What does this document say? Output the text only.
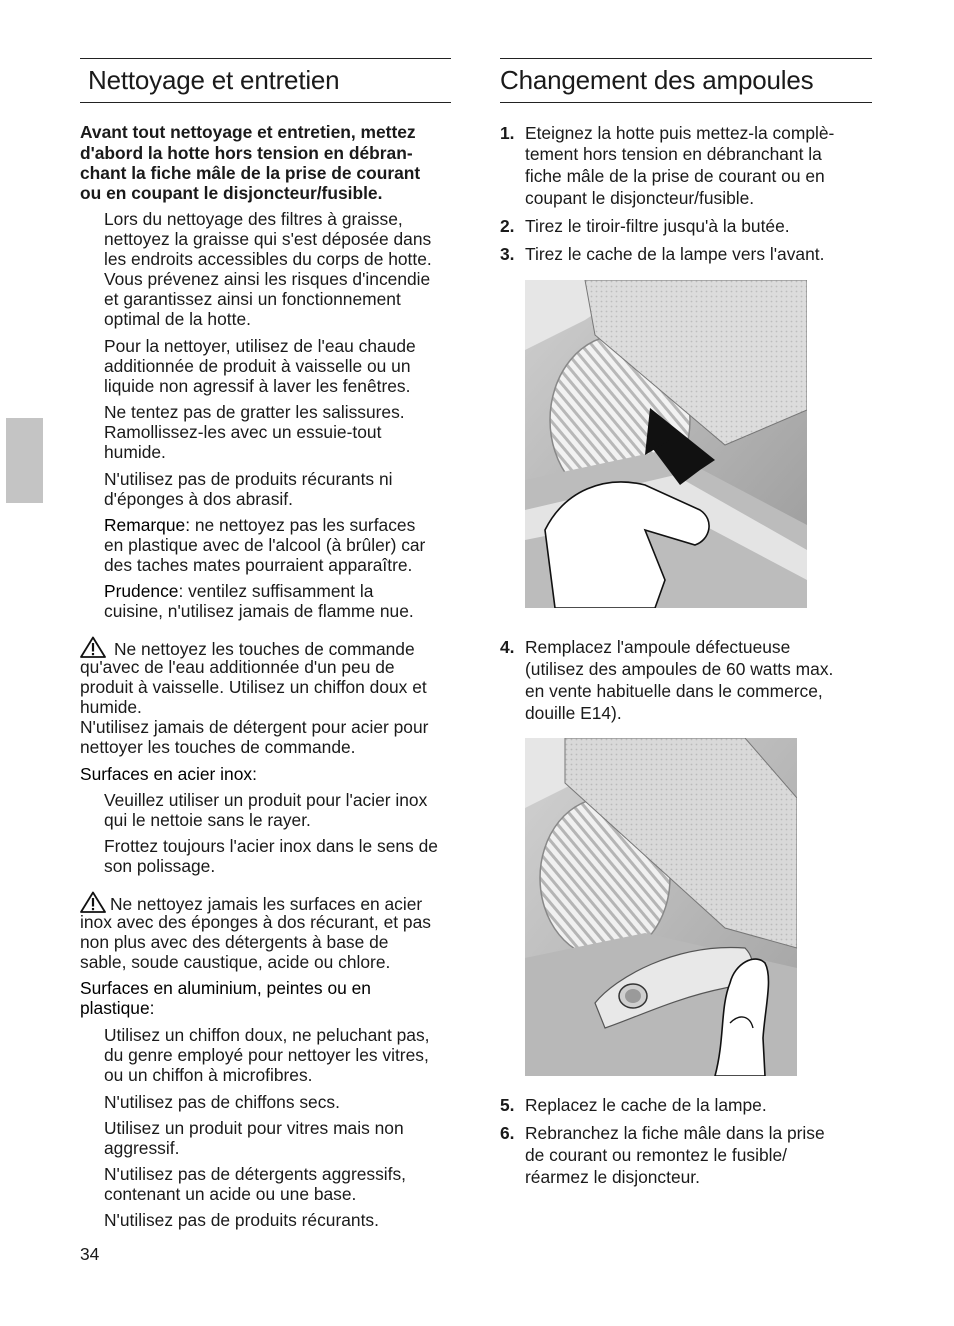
Nettoyage et entretien
Avant tout nettoyage et entretien, mettez
d'abord la hotte hors tension en débran-
chant la fiche mâle de la prise de courant
ou en coupant le disjoncteur/fusible.
Lors du nettoyage des filtres à graisse,
nettoyez la graisse qui s'est déposée dans
les endroits accessibles du corps de hotte.
Vous prévenez ainsi les risques d'incendie
et garantissez ainsi un fonctionnement
optimal de la hotte.
Pour la nettoyer, utilisez de l'eau chaude
additionnée de produit à vaisselle ou un
liquide non agressif à laver les fenêtres.
Ne tentez pas de gratter les salissures.
Ramollissez-les avec un essuie-tout
humide.
N'utilisez pas de produits récurants ni
d'éponges à dos abrasif.
Remarque: ne nettoyez pas les surfaces
en plastique avec de l'alcool (à brûler) car
des taches mates pourraient apparaître.
Prudence: ventilez suffisamment la
cuisine, n'utilisez jamais de flamme nue.
Ne nettoyez les touches de commande
qu'avec de l'eau additionnée d'un peu de
produit à vaisselle. Utilisez un chiffon doux et
humide.
N'utilisez jamais de détergent pour acier pour
nettoyer les touches de commande.
Surfaces en acier inox:
Veuillez utiliser un produit pour l'acier inox
qui le nettoie sans le rayer.
Frottez toujours l'acier inox dans le sens de
son polissage.
Ne nettoyez jamais les surfaces en acier
inox avec des éponges à dos récurant, et pas
non plus avec des détergents à base de
sable, soude caustique, acide ou chlore.
Surfaces en aluminium, peintes ou en
plastique:
Utilisez un chiffon doux, ne peluchant pas,
du genre employé pour nettoyer les vitres,
ou un chiffon à microfibres.
N'utilisez pas de chiffons secs.
Utilisez un produit pour vitres mais non
aggressif.
N'utilisez pas de détergents aggressifs,
contenant un acide ou une base.
N'utilisez pas de produits récurants.
Changement des ampoules
1. Eteignez la hotte puis mettez-la complè-
tement hors tension en débranchant la
fiche mâle de la prise de courant ou en
coupant le disjoncteur/fusible.
2. Tirez le tiroir-filtre jusqu'à la butée.
3. Tirez le cache de la lampe vers l'avant.
4. Remplacez l'ampoule défectueuse
(utilisez des ampoules de 60 watts max.
en vente habituelle dans le commerce,
douille E14).
5. Replacez le cache de la lampe.
6. Rebranchez la fiche mâle dans la prise
de courant ou remontez le fusible/
réarmez le disjoncteur.
34
